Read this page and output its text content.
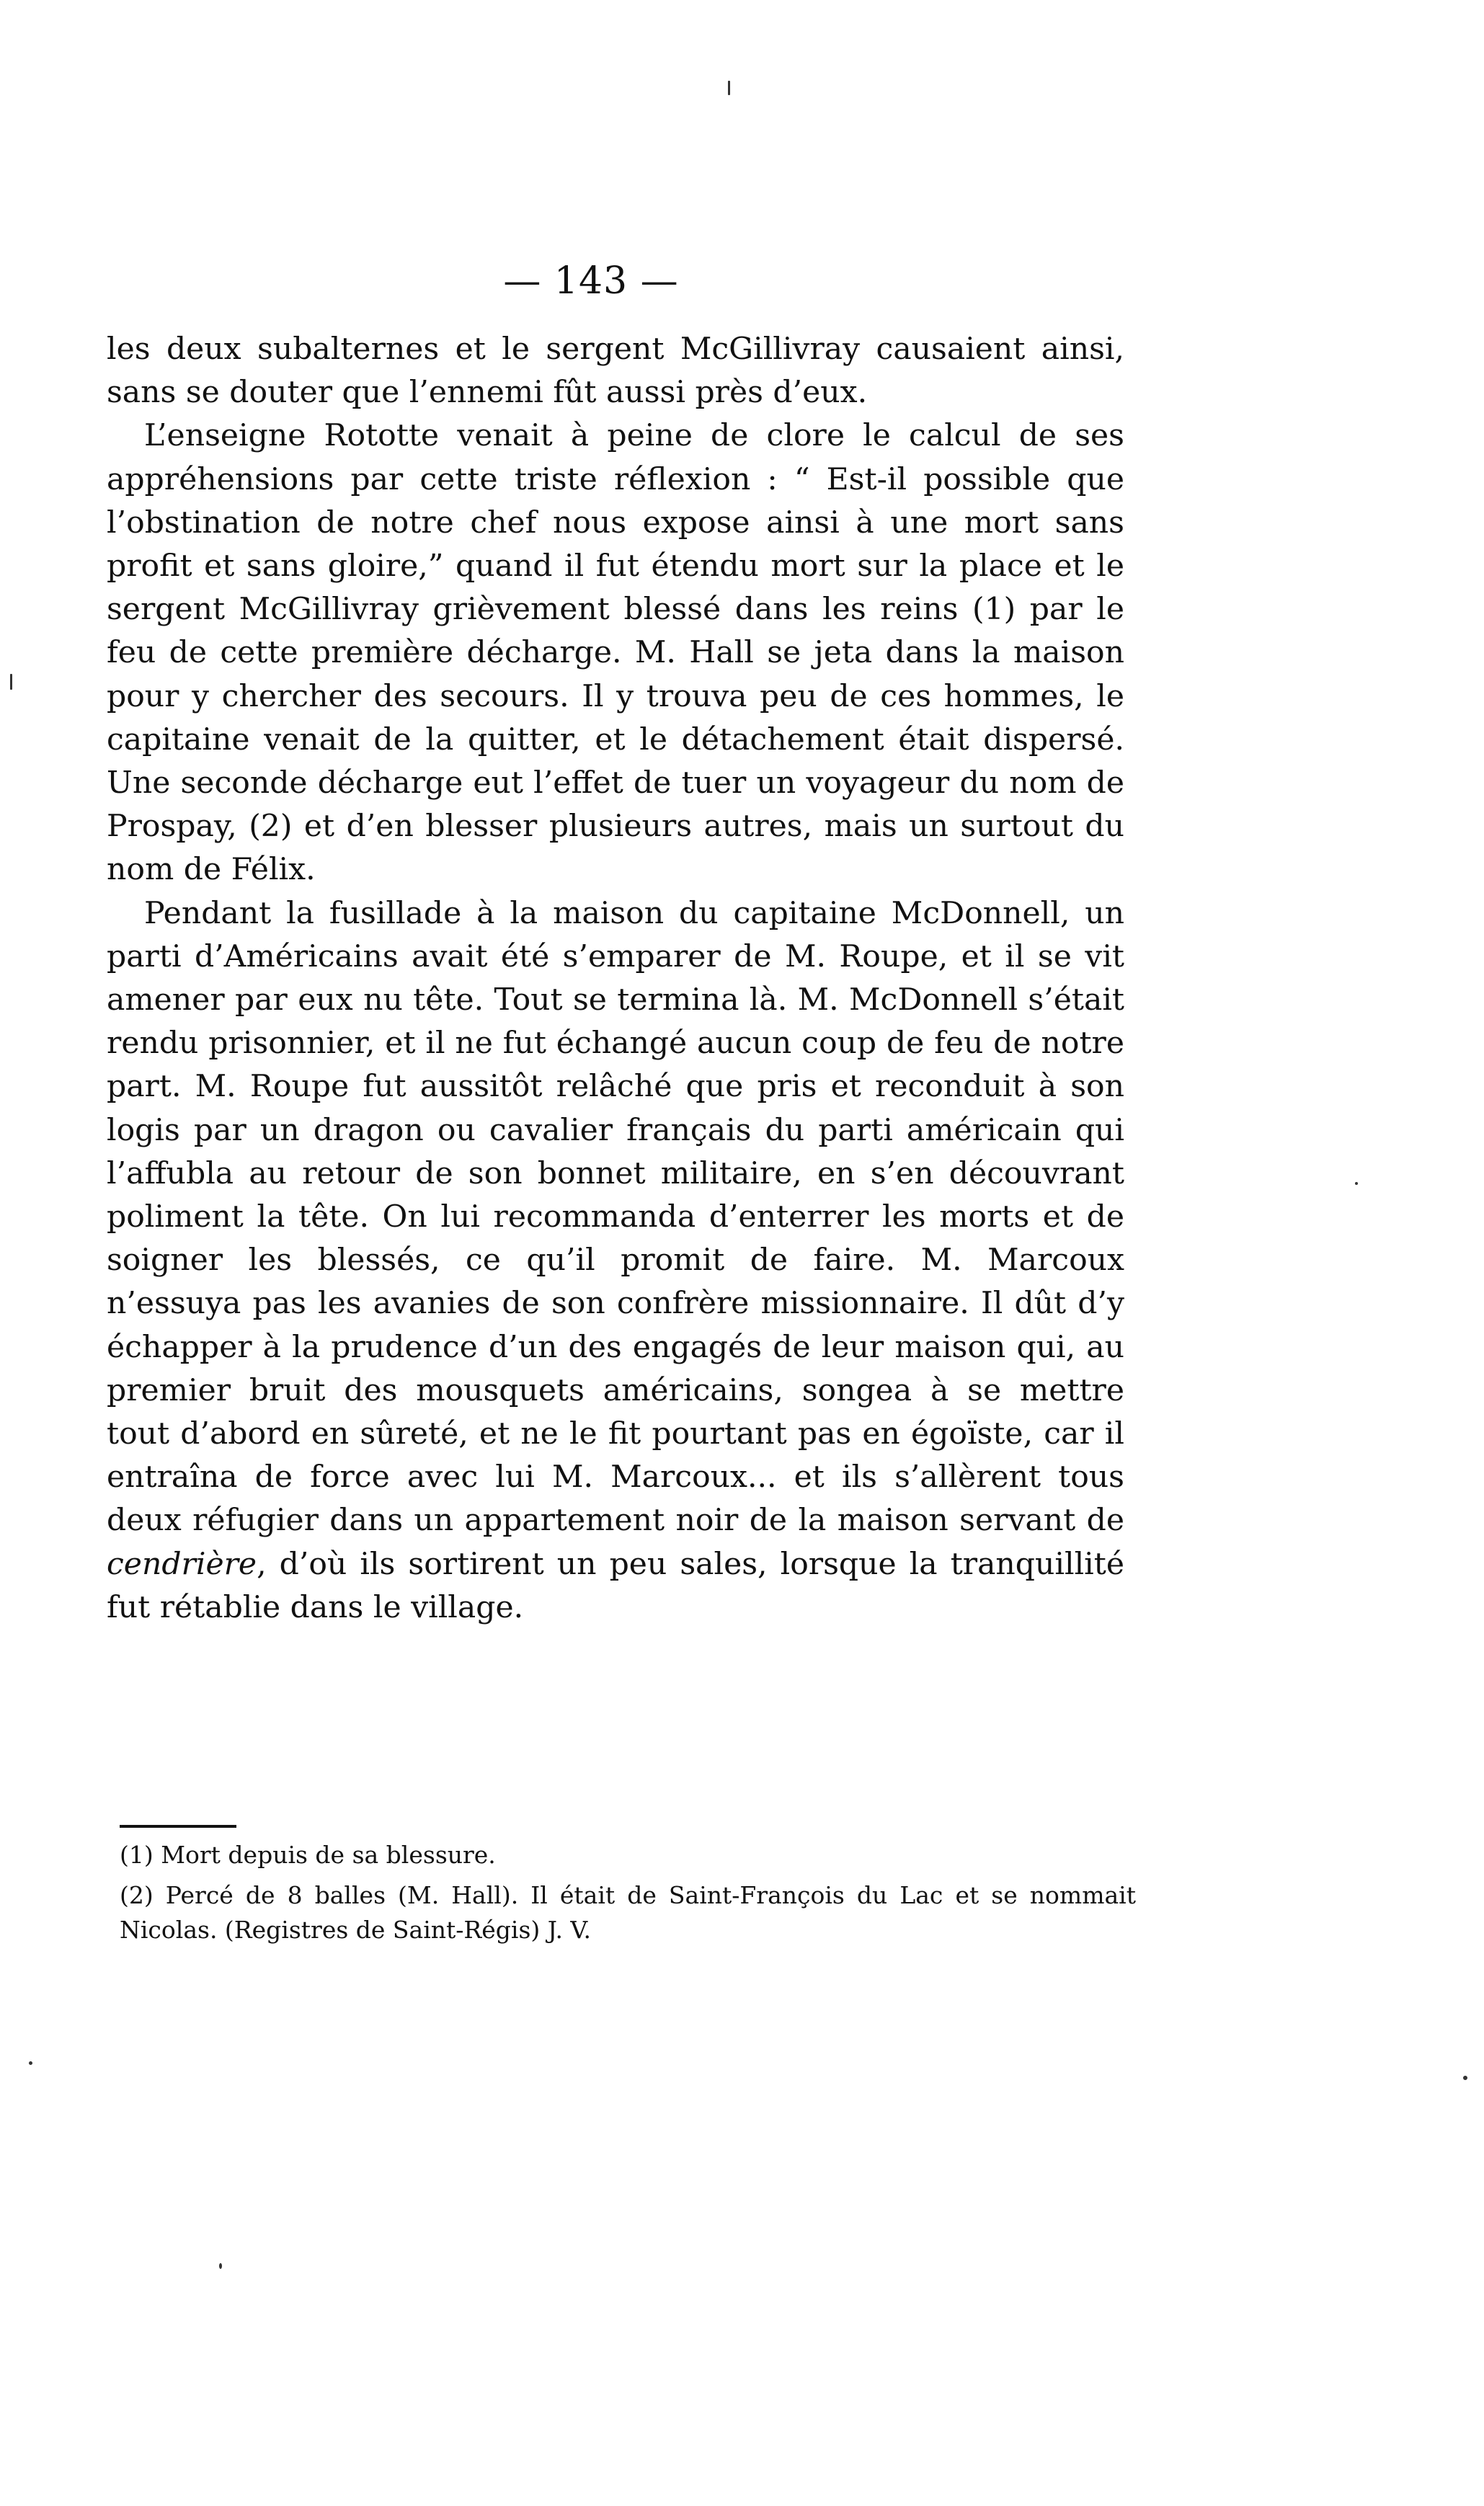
— 143 —

les deux subalternes et le sergent McGillivray causaient ainsi, sans se douter que l’ennemi fût aussi près d’eux.

L’enseigne Rototte venait à peine de clore le calcul de ses appréhensions par cette triste réflexion : “ Est-il possible que l’obstination de notre chef nous expose ainsi à une mort sans profit et sans gloire,” quand il fut étendu mort sur la place et le sergent McGillivray grièvement blessé dans les reins (1) par le feu de cette première décharge. M. Hall se jeta dans la maison pour y chercher des secours. Il y trouva peu de ces hommes, le capitaine venait de la quitter, et le détachement était dispersé. Une seconde décharge eut l’effet de tuer un voyageur du nom de Prospay, (2) et d’en blesser plusieurs autres, mais un surtout du nom de Félix.

Pendant la fusillade à la maison du capitaine McDonnell, un parti d’Américains avait été s’emparer de M. Roupe, et il se vit amener par eux nu tête. Tout se termina là. M. McDonnell s’était rendu prisonnier, et il ne fut échangé aucun coup de feu de notre part. M. Roupe fut aussitôt relâché que pris et reconduit à son logis par un dragon ou cavalier français du parti américain qui l’affubla au retour de son bonnet militaire, en s’en découvrant poliment la tête. On lui recommanda d’enterrer les morts et de soigner les blessés, ce qu’il promit de faire. M. Marcoux n’essuya pas les avanies de son confrère missionnaire. Il dût d’y échapper à la prudence d’un des engagés de leur maison qui, au premier bruit des mousquets américains, songea à se mettre tout d’abord en sûreté, et ne le fit pourtant pas en égoïste, car il entraîna de force avec lui M. Marcoux... et ils s’allèrent tous deux réfugier dans un appartement noir de la maison servant de cendrière, d’où ils sortirent un peu sales, lorsque la tranquillité fut rétablie dans le village.

(1) Mort depuis de sa blessure.

(2) Percé de 8 balles (M. Hall). Il était de Saint-François du Lac et se nommait Nicolas. (Registres de Saint-Régis) J. V.
